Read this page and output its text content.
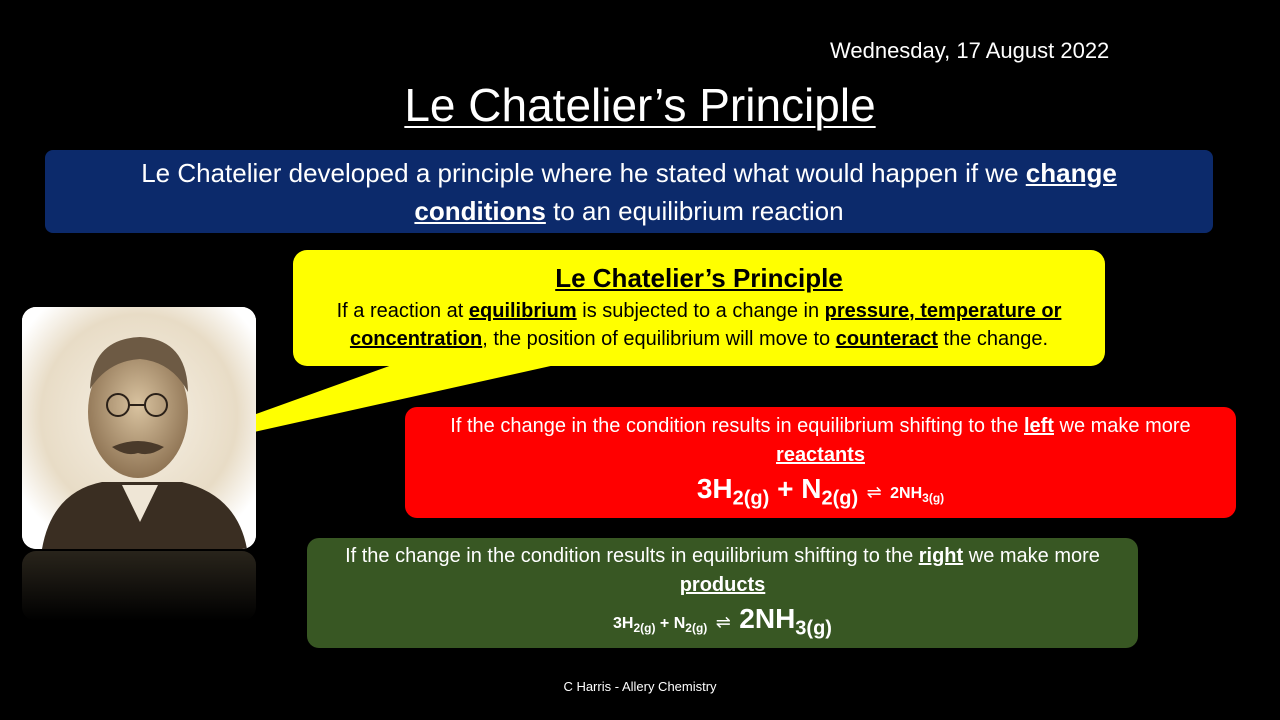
Wednesday, 17 August 2022
Le Chatelier’s Principle
Le Chatelier developed a principle where he stated what would happen if we change conditions to an equilibrium reaction
Le Chatelier’s Principle
If a reaction at equilibrium is subjected to a change in pressure, temperature or concentration, the position of equilibrium will move to counteract the change.
If the change in the condition results in equilibrium shifting to the left we make more reactants
$3H_{2(g)} + N_{2(g)}$ ⇌ $2NH_{3(g)}$
If the change in the condition results in equilibrium shifting to the right we make more products
$3H_{2(g)} + N_{2(g)}$ ⇌ $2NH_{3(g)}$
C Harris - Allery Chemistry
